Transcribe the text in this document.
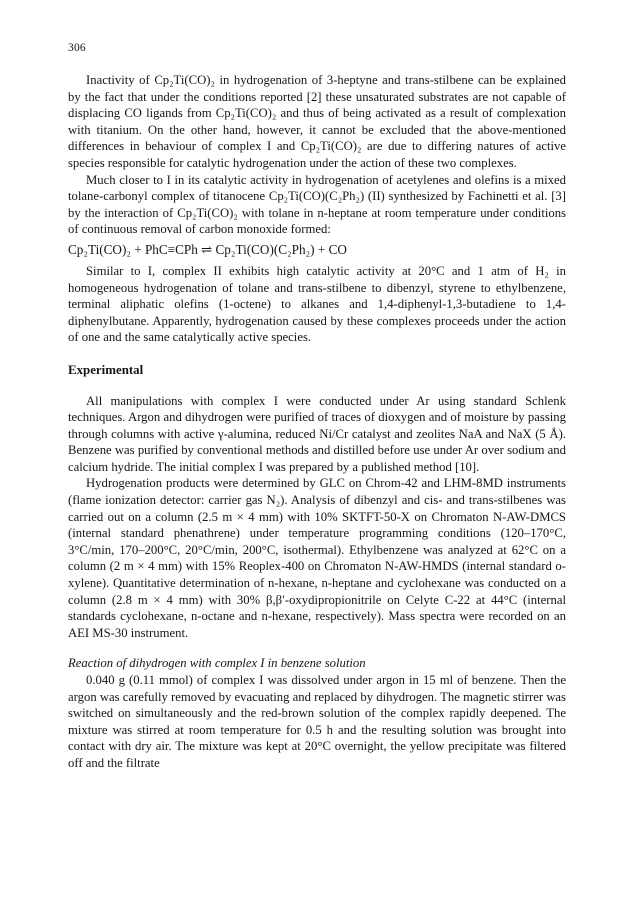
306

Inactivity of Cp₂Ti(CO)₂ in hydrogenation of 3-heptyne and trans-stilbene can be explained by the fact that under the conditions reported [2] these unsaturated substrates are not capable of displacing CO ligands from Cp₂Ti(CO)₂ and thus of being activated as a result of complexation with titanium. On the other hand, however, it cannot be excluded that the above-mentioned differences in behaviour of complex I and Cp₂Ti(CO)₂ are due to differing natures of active species responsible for catalytic hydrogenation under the action of these two complexes.

Much closer to I in its catalytic activity in hydrogenation of acetylenes and olefins is a mixed tolane-carbonyl complex of titanocene Cp₂Ti(CO)(C₂Ph₂) (II) synthesized by Fachinetti et al. [3] by the interaction of Cp₂Ti(CO)₂ with tolane in n-heptane at room temperature under conditions of continuous removal of carbon monoxide formed:

Cp₂Ti(CO)₂ + PhC≡CPh ⇌ Cp₂Ti(CO)(C₂Ph₂) + CO

Similar to I, complex II exhibits high catalytic activity at 20°C and 1 atm of H₂ in homogeneous hydrogenation of tolane and trans-stilbene to dibenzyl, styrene to ethylbenzene, terminal aliphatic olefins (1-octene) to alkanes and 1,4-diphenyl-1,3-butadiene to 1,4-diphenylbutane. Apparently, hydrogenation caused by these complexes proceeds under the action of one and the same catalytically active species.

Experimental

All manipulations with complex I were conducted under Ar using standard Schlenk techniques. Argon and dihydrogen were purified of traces of dioxygen and of moisture by passing through columns with active γ-alumina, reduced Ni/Cr catalyst and zeolites NaA and NaX (5 Å). Benzene was purified by conventional methods and distilled before use under Ar over sodium and calcium hydride. The initial complex I was prepared by a published method [10].

Hydrogenation products were determined by GLC on Chrom-42 and LHM-8MD instruments (flame ionization detector: carrier gas N₂). Analysis of dibenzyl and cis- and trans-stilbenes was carried out on a column (2.5 m × 4 mm) with 10% SKTFT-50-X on Chromaton N-AW-DMCS (internal standard phenathrene) under temperature programming conditions (120–170°C, 3°C/min, 170–200°C, 20°C/min, 200°C, isothermal). Ethylbenzene was analyzed at 62°C on a column (2 m × 4 mm) with 15% Reoplex-400 on Chromaton N-AW-HMDS (internal standard o-xylene). Quantitative determination of n-hexane, n-heptane and cyclohexane was conducted on a column (2.8 m × 4 mm) with 30% β,β′-oxydipropionitrile on Celyte C-22 at 44°C (internal standards cyclohexane, n-octane and n-hexane, respectively). Mass spectra were recorded on an AEI MS-30 instrument.

Reaction of dihydrogen with complex I in benzene solution

0.040 g (0.11 mmol) of complex I was dissolved under argon in 15 ml of benzene. Then the argon was carefully removed by evacuating and replaced by dihydrogen. The magnetic stirrer was switched on simultaneously and the red-brown solution of the complex rapidly deepened. The mixture was stirred at room temperature for 0.5 h and the resulting solution was brought into contact with dry air. The mixture was kept at 20°C overnight, the yellow precipitate was filtered off and the filtrate
